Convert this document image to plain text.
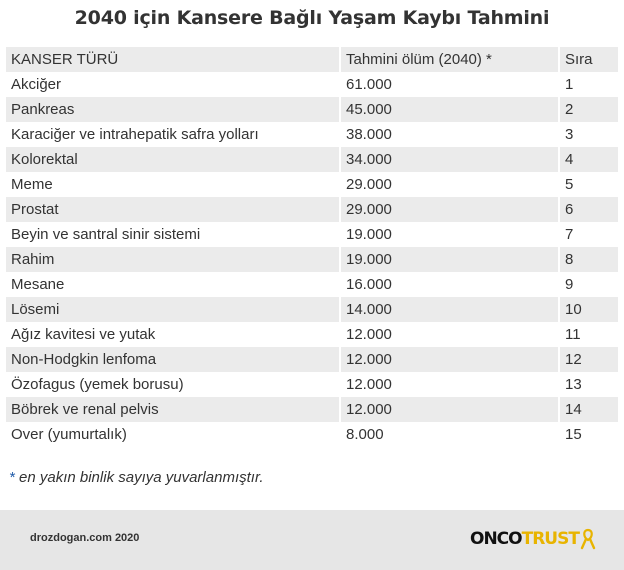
2040 için Kansere Bağlı Yaşam Kaybı Tahmini
KANSER TÜRÜ	Tahmini ölüm (2040) *	Sıra
Akciğer	61.000	1
Pankreas	45.000	2
Karaciğer ve intrahepatik safra yolları	38.000	3
Kolorektal	34.000	4
Meme	29.000	5
Prostat	29.000	6
Beyin ve santral sinir sistemi	19.000	7
Rahim	19.000	8
Mesane	16.000	9
Lösemi	14.000	10
Ağız kavitesi ve yutak	12.000	11
Non-Hodgkin lenfoma	12.000	12
Özofagus (yemek borusu)	12.000	13
Böbrek ve renal pelvis	12.000	14
Over (yumurtalık)	8.000	15
* en yakın binlik sayıya yuvarlanmıştır.
drozdogan.com 2020	ONCO TRUST
